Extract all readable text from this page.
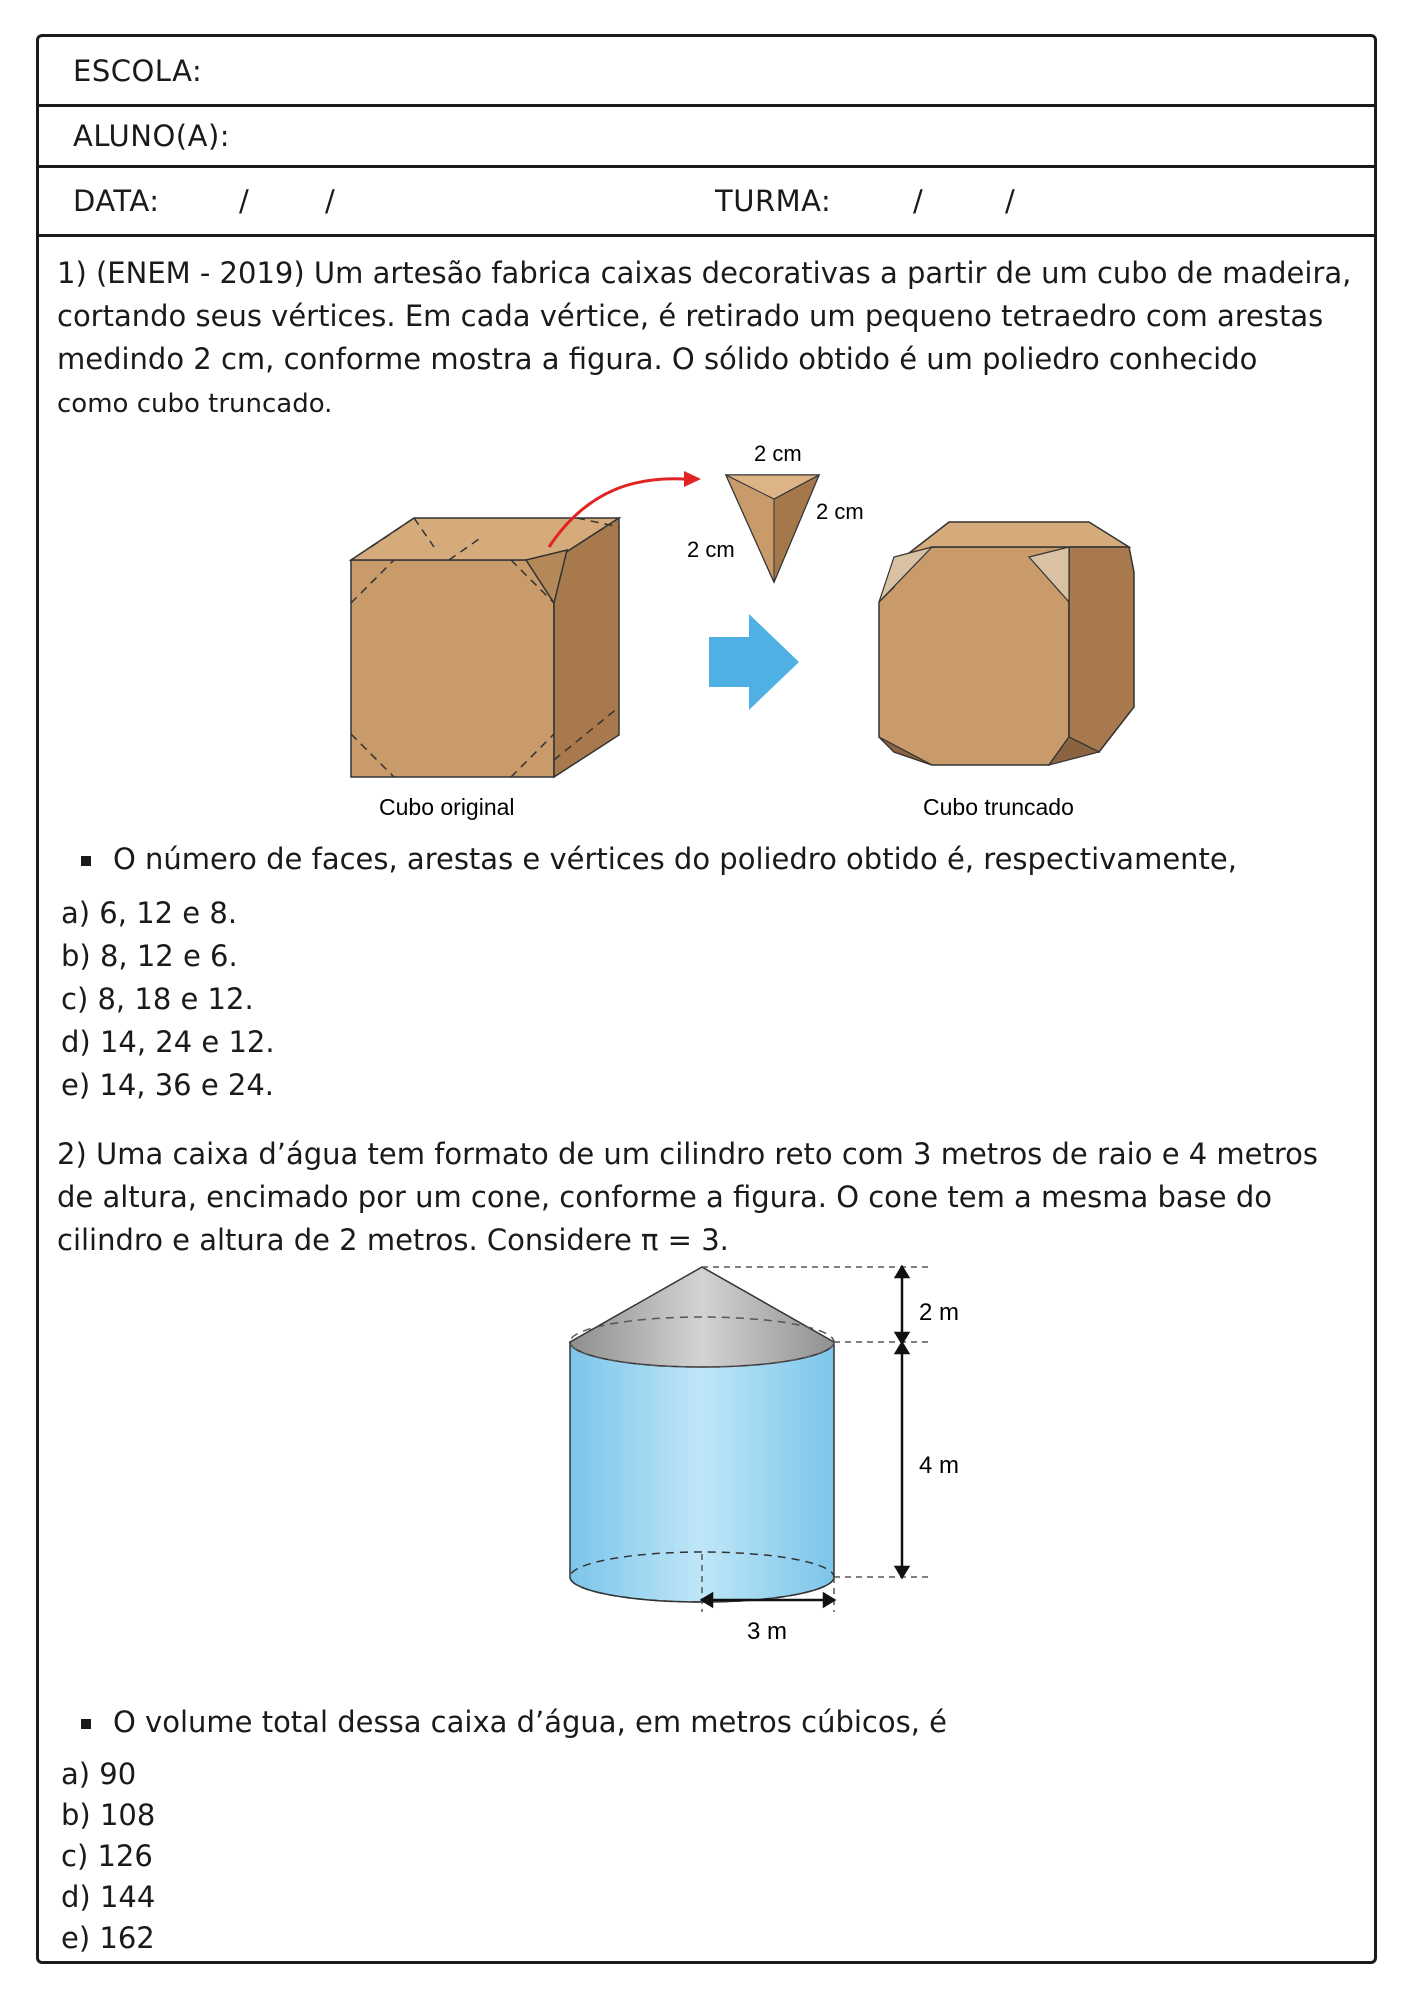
ESCOLA:
ALUNO(A):
DATA:	/	/	TURMA:	/	/
1) (ENEM - 2019) Um artesão fabrica caixas decorativas a partir de um cubo de madeira,
cortando seus vértices. Em cada vértice, é retirado um pequeno tetraedro com arestas
medindo 2 cm, conforme mostra a figura. O sólido obtido é um poliedro conhecido
como cubo truncado.
2 cm
2 cm
2 cm
Cubo original	Cubo truncado
O número de faces, arestas e vértices do poliedro obtido é, respectivamente,
a) 6, 12 e 8.
b) 8, 12 e 6.
c) 8, 18 e 12.
d) 14, 24 e 12.
e) 14, 36 e 24.
2) Uma caixa d’água tem formato de um cilindro reto com 3 metros de raio e 4 metros
de altura, encimado por um cone, conforme a figura. O cone tem a mesma base do
cilindro e altura de 2 metros. Considere π = 3.
2 m
4 m
3 m
O volume total dessa caixa d’água, em metros cúbicos, é
a) 90
b) 108
c) 126
d) 144
e) 162
